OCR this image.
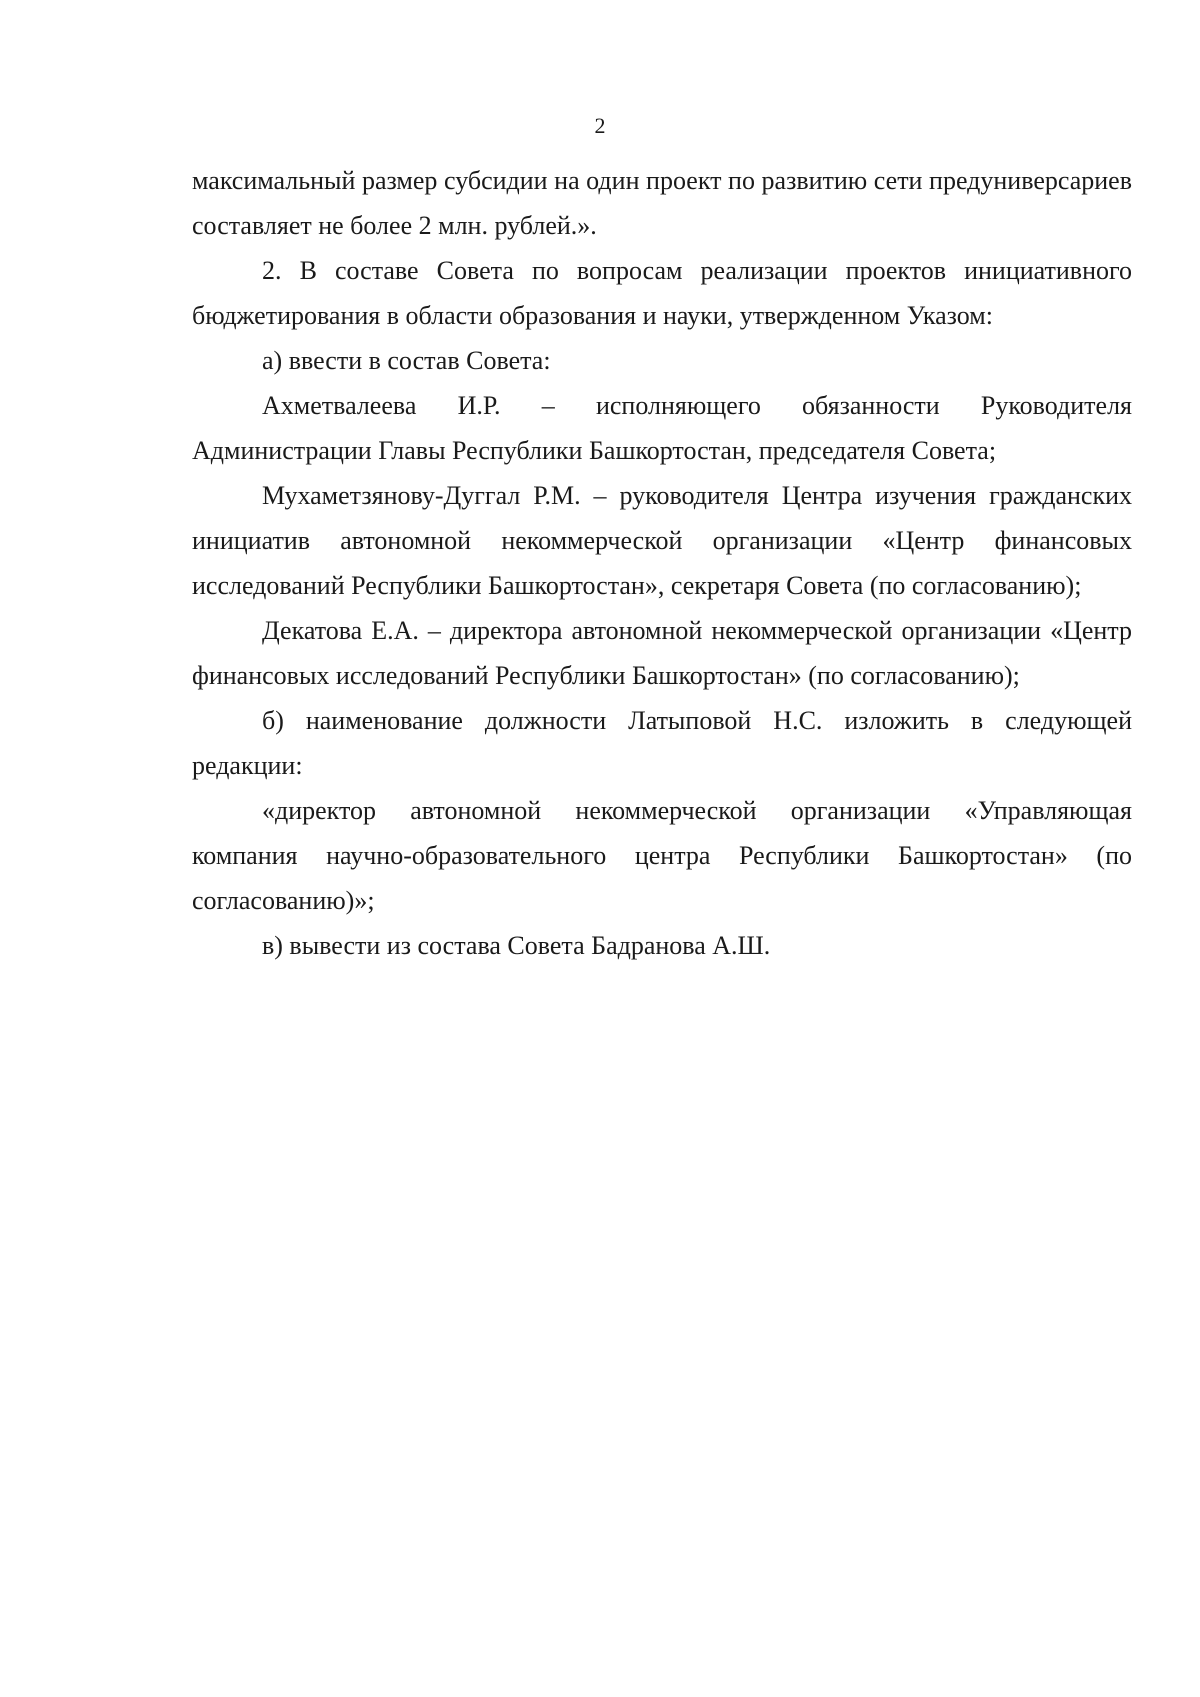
2

максимальный размер субсидии на один проект по развитию сети предуниверсариев составляет не более 2 млн. рублей.».

2. В составе Совета по вопросам реализации проектов инициативного бюджетирования в области образования и науки, утвержденном Указом:

а) ввести в состав Совета:

Ахметвалеева И.Р. – исполняющего обязанности Руководителя Администрации Главы Республики Башкортостан, председателя Совета;

Мухаметзянову-Дуггал Р.М. – руководителя Центра изучения гражданских инициатив автономной некоммерческой организации «Центр финансовых исследований Республики Башкортостан», секретаря Совета (по согласованию);

Декатова Е.А. – директора автономной некоммерческой организации «Центр финансовых исследований Республики Башкортостан» (по согласованию);

б) наименование должности Латыповой Н.С. изложить в следующей редакции:

«директор автономной некоммерческой организации «Управляющая компания научно-образовательного центра Республики Башкортостан» (по согласованию)»;

в) вывести из состава Совета Бадранова А.Ш.
